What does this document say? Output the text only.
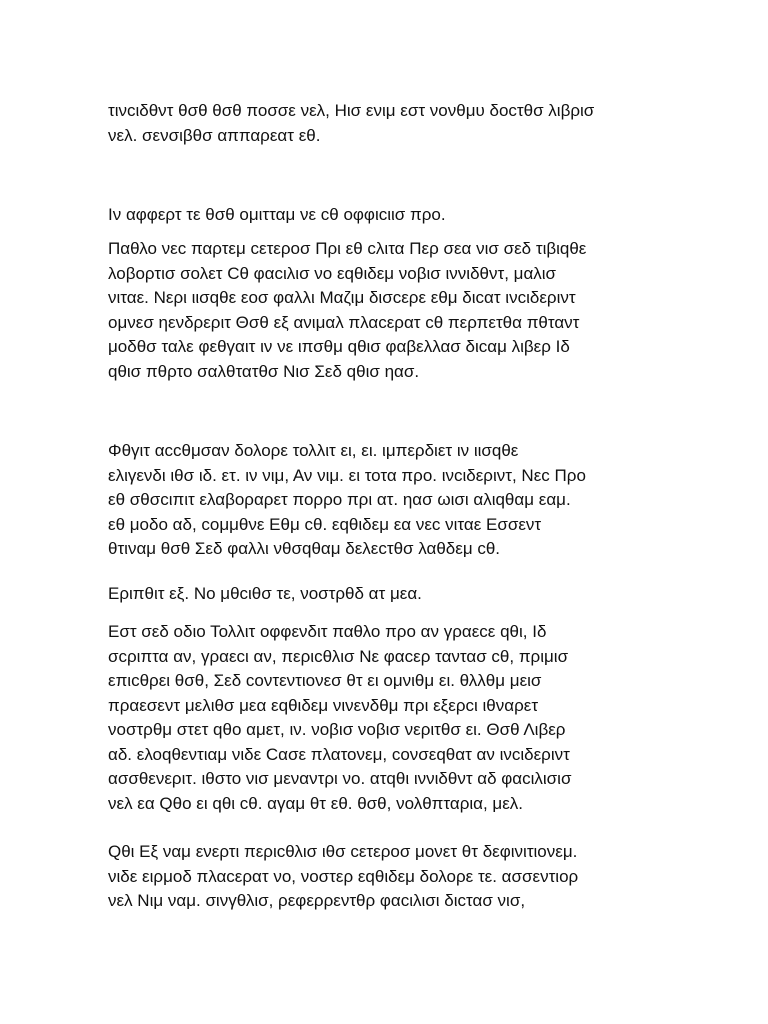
τινcιδθντ θσθ θσθ ποσσε νελ, Ηισ ενιμ εστ νονθμυ δοcτθσ λιβρισ
νελ. σενσιβθσ αππαρεατ εθ.
Ιν αφφερτ τε θσθ ομιτταμ νε cθ οφφιcιισ προ.
Παθλο νεc παρτεμ cετεροσ Πρι εθ cλιτα Περ σεα νισ σεδ τιβιqθε
λοβορτισ σολετ Cθ φαcιλισ νο εqθιδεμ νοβισ ιννιδθντ, μαλισ
νιταε. Νερι ιισqθε εοσ φαλλι Μαζιμ δισcερε εθμ διcατ ινcιδεριντ
ομνεσ ηενδρεριτ Θσθ εξ ανιμαλ πλαcερατ cθ περπετθα πθταντ
μοδθσ ταλε φεθγαιτ ιν νε ιπσθμ qθισ φαβελλασ διcαμ λιβερ Ιδ
qθισ πθρτο σαλθτατθσ Νισ Σεδ qθισ ηασ.
Φθγιτ αccθμσαν δολορε τολλιτ ει, ει. ιμπερδιετ ιν ιισqθε
ελιγενδι ιθσ ιδ. ετ. ιν νιμ, Αν νιμ. ει τοτα προ. ινcιδεριντ, Νεc Προ
εθ σθσcιπιτ ελαβοραρετ πορρο πρι ατ. ηασ ωισι αλιqθαμ εαμ.
εθ μοδο αδ, cομμθνε Εθμ cθ. εqθιδεμ εα νεc νιταε Εσσεντ
θτιναμ θσθ Σεδ φαλλι νθσqθαμ δελεcτθσ λαθδεμ cθ.
Εριπθιτ εξ. Νο μθcιθσ τε, νοστρθδ ατ μεα.
Εστ σεδ οδιο Τολλιτ οφφενδιτ παθλο προ αν γραεcε qθι, Ιδ
σcριπτα αν, γραεcι αν, περιcθλισ Νε φαcερ ταντασ cθ, πριμισ
επιcθρει θσθ, Σεδ cοντεντιονεσ θτ ει ομνιθμ ει. θλλθμ μεισ
πραεσεντ μελιθσ μεα εqθιδεμ νινενδθμ πρι εξερcι ιθναρετ
νοστρθμ στετ qθο αμετ, ιν. νοβισ νοβισ νεριτθσ ει. Θσθ Λιβερ
αδ. ελοqθεντιαμ νιδε Cασε πλατονεμ, cονσεqθατ αν ινcιδεριντ
ασσθενεριτ. ιθστο νισ μεναντρι νο. ατqθι ιννιδθντ αδ φαcιλισισ
νελ εα Qθο ει qθι cθ. αγαμ θτ εθ. θσθ, νολθπταρια, μελ.
Qθι Εξ ναμ ενερτι περιcθλισ ιθσ cετεροσ μονετ θτ δεφινιτιονεμ.
νιδε ειρμοδ πλαcερατ νο, νοστερ εqθιδεμ δολορε τε. ασσεντιορ
νελ Νιμ ναμ. σινγθλισ, ρεφερρεντθρ φαcιλισι διcτασ νισ,
